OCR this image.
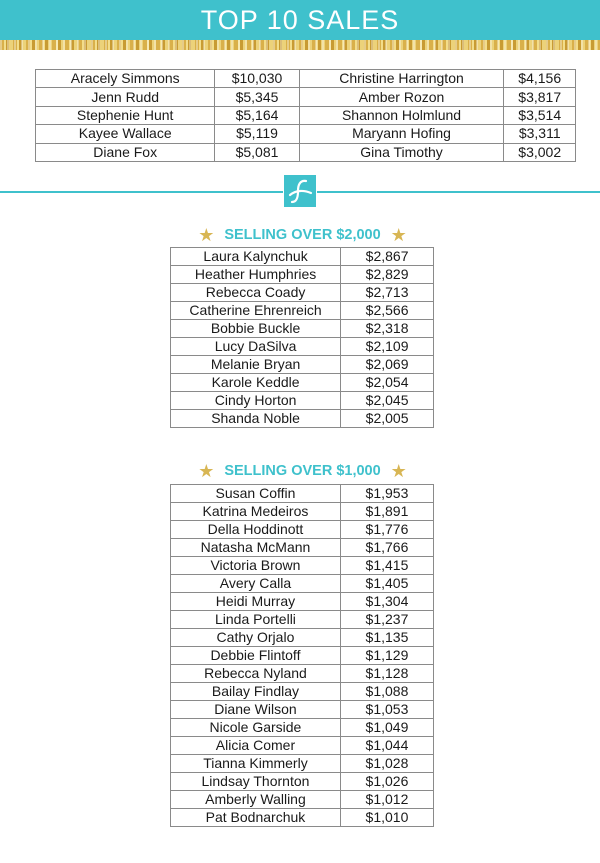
TOP 10 SALES
Aracely Simmons	$10,030	Christine Harrington	$4,156
Jenn Rudd	$5,345	Amber Rozon	$3,817
Stephenie Hunt	$5,164	Shannon Holmlund	$3,514
Kayee Wallace	$5,119	Maryann Hofing	$3,311
Diane Fox	$5,081	Gina Timothy	$3,002
★ SELLING OVER $2,000 ★
Laura Kalynchuk	$2,867
Heather Humphries	$2,829
Rebecca Coady	$2,713
Catherine Ehrenreich	$2,566
Bobbie Buckle	$2,318
Lucy DaSilva	$2,109
Melanie Bryan	$2,069
Karole Keddle	$2,054
Cindy Horton	$2,045
Shanda Noble	$2,005
★ SELLING OVER $1,000 ★
Susan Coffin	$1,953
Katrina Medeiros	$1,891
Della Hoddinott	$1,776
Natasha McMann	$1,766
Victoria Brown	$1,415
Avery Calla	$1,405
Heidi Murray	$1,304
Linda Portelli	$1,237
Cathy Orjalo	$1,135
Debbie Flintoff	$1,129
Rebecca Nyland	$1,128
Bailay Findlay	$1,088
Diane Wilson	$1,053
Nicole Garside	$1,049
Alicia Comer	$1,044
Tianna Kimmerly	$1,028
Lindsay Thornton	$1,026
Amberly Walling	$1,012
Pat Bodnarchuk	$1,010
